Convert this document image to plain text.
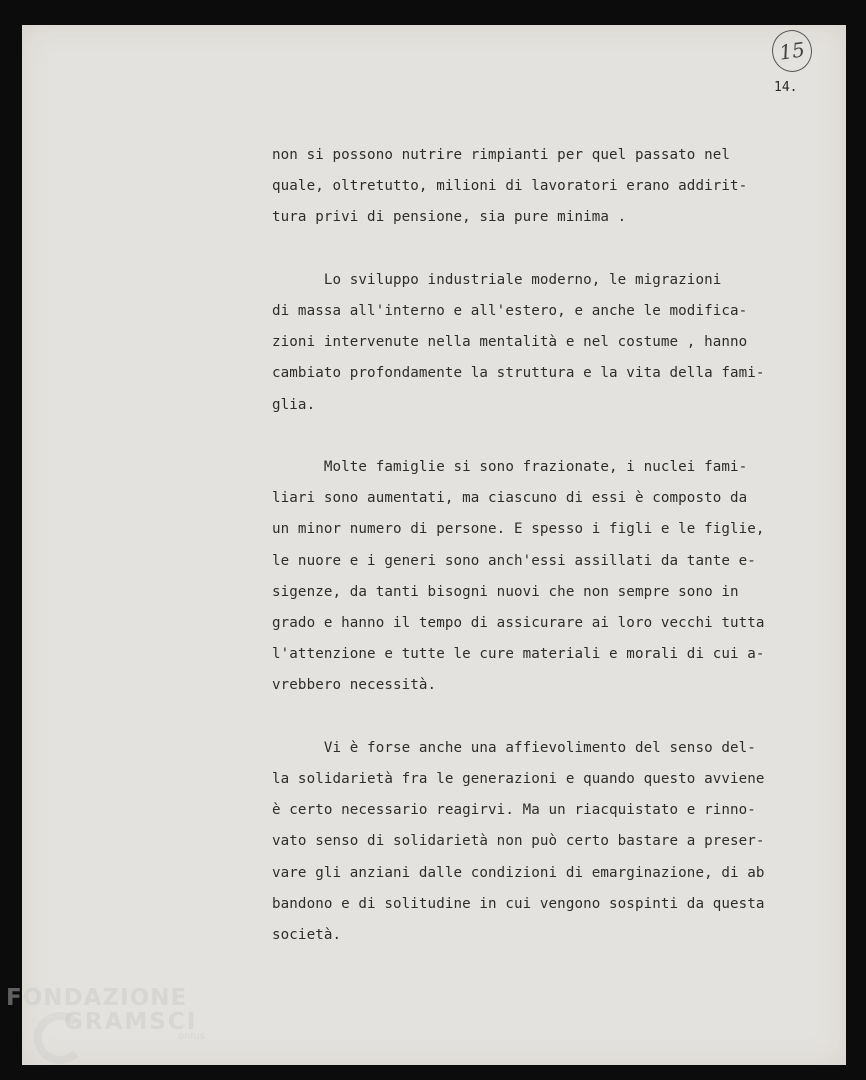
15
14.

non si possono nutrire rimpianti per quel passato nel
quale, oltretutto, milioni di lavoratori erano addirit-
tura privi di pensione, sia pure minima .

Lo sviluppo industriale moderno, le migrazioni
di massa all'interno e all'estero, e anche le modifica-
zioni intervenute nella mentalità e nel costume , hanno
cambiato profondamente la struttura e la vita della fami-
glia.

Molte famiglie si sono frazionate, i nuclei fami-
liari sono aumentati, ma ciascuno di essi è composto da
un minor numero di persone. E spesso i figli e le figlie,
le nuore e i generi sono anch'essi assillati da tante e-
sigenze, da tanti bisogni nuovi che non sempre sono in
grado e hanno il tempo di assicurare ai loro vecchi tutta
l'attenzione e tutte le cure materiali e morali di cui a-
vrebbero necessità.

Vi è forse anche una affievolimento del senso del-
la solidarietà fra le generazioni e quando questo avviene
è certo necessario reagirvi. Ma un riacquistato e rinno-
vato senso di solidarietà non può certo bastare a preser-
vare gli anziani dalle condizioni di emarginazione, di ab
bandono e di solitudine in cui vengono sospinti da questa
società.

FONDAZIONE
GRAMSCI
onlus
